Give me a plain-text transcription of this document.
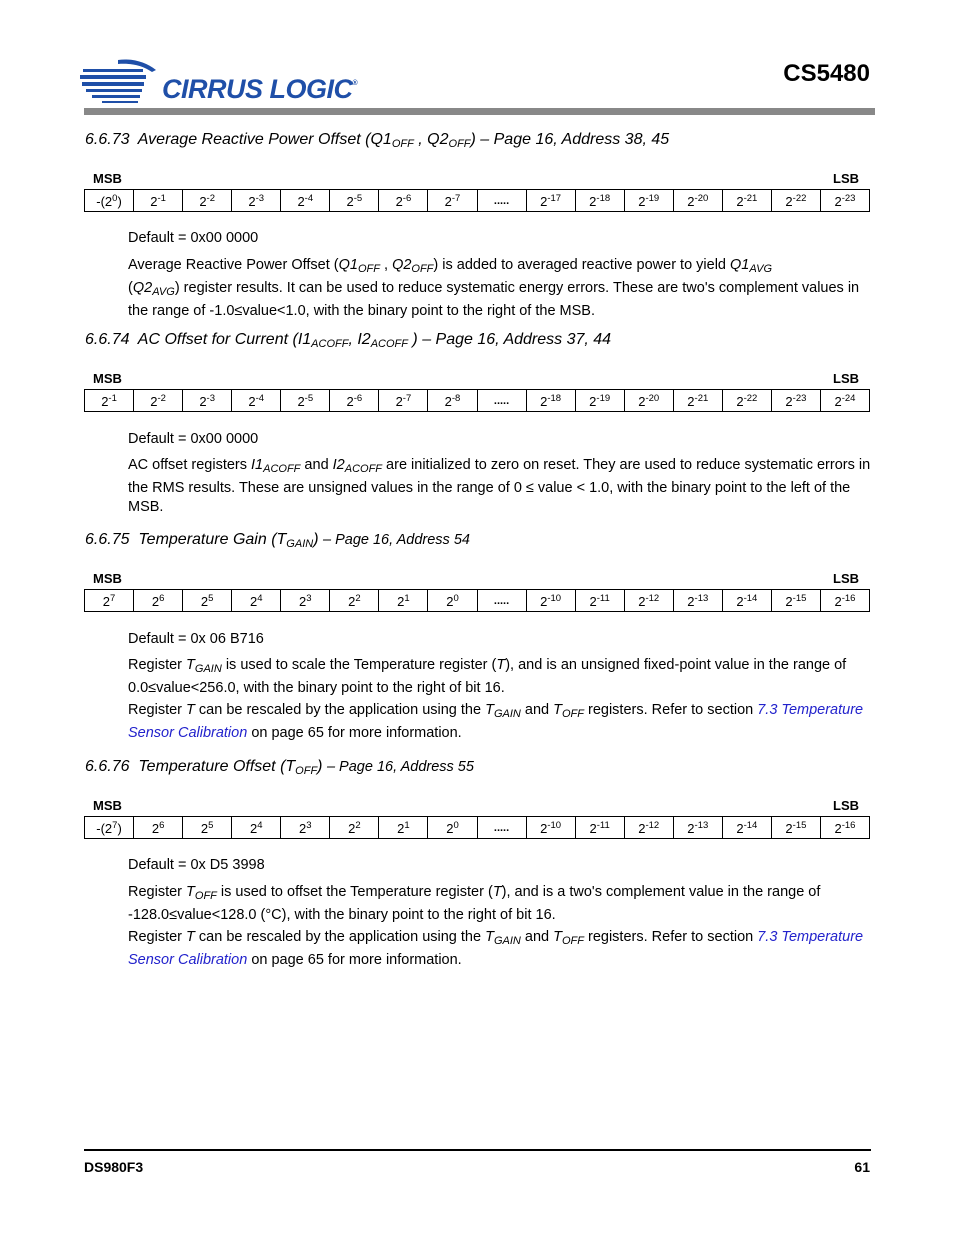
CIRRUS LOGIC®	CS5480
6.6.73 Average Reactive Power Offset ($Q1_{OFF}$ , $Q2_{OFF}$) – Page 16, Address 38, 45
MSB	LSB
$-(2^0)$	$2^{-1}$	$2^{-2}$	$2^{-3}$	$2^{-4}$	$2^{-5}$	$2^{-6}$	$2^{-7}$	.....	$2^{-17}$	$2^{-18}$	$2^{-19}$	$2^{-20}$	$2^{-21}$	$2^{-22}$	$2^{-23}$
Default = 0x00 0000
Average Reactive Power Offset ($Q1_{OFF}$ , $Q2_{OFF}$) is added to averaged reactive power to yield $Q1_{AVG}$
$(Q2_{AVG})$ register results. It can be used to reduce systematic energy errors. These are two's complement values in the range of -1.0≤value<1.0, with the binary point to the right of the MSB.
6.6.74 AC Offset for Current ($I1_{ACOFF}$, $I2_{ACOFF}$ ) – Page 16, Address 37, 44
MSB	LSB
$2^{-1}$	$2^{-2}$	$2^{-3}$	$2^{-4}$	$2^{-5}$	$2^{-6}$	$2^{-7}$	$2^{-8}$	.....	$2^{-18}$	$2^{-19}$	$2^{-20}$	$2^{-21}$	$2^{-22}$	$2^{-23}$	$2^{-24}$
Default = 0x00 0000
AC offset registers $I1_{ACOFF}$ and $I2_{ACOFF}$ are initialized to zero on reset. They are used to reduce systematic errors in the RMS results. These are unsigned values in the range of 0 ≤ value < 1.0, with the binary point to the left of the MSB.
6.6.75 Temperature Gain $(T_{GAIN})$ – Page 16, Address 54
MSB	LSB
$2^7$	$2^6$	$2^5$	$2^4$	$2^3$	$2^2$	$2^1$	$2^0$	.....	$2^{-10}$	$2^{-11}$	$2^{-12}$	$2^{-13}$	$2^{-14}$	$2^{-15}$	$2^{-16}$
Default = 0x 06 B716
Register $T_{GAIN}$ is used to scale the Temperature register (T), and is an unsigned fixed-point value in the range of 0.0≤value<256.0, with the binary point to the right of bit 16.
Register T can be rescaled by the application using the $T_{GAIN}$ and $T_{OFF}$ registers. Refer to section 7.3 Temperature Sensor Calibration on page 65 for more information.
6.6.76 Temperature Offset $(T_{OFF})$ – Page 16, Address 55
MSB	LSB
$-(2^7)$	$2^6$	$2^5$	$2^4$	$2^3$	$2^2$	$2^1$	$2^0$	.....	$2^{-10}$	$2^{-11}$	$2^{-12}$	$2^{-13}$	$2^{-14}$	$2^{-15}$	$2^{-16}$
Default = 0x D5 3998
Register $T_{OFF}$ is used to offset the Temperature register (T), and is a two's complement value in the range of -128.0≤value<128.0 (°C), with the binary point to the right of bit 16.
Register T can be rescaled by the application using the $T_{GAIN}$ and $T_{OFF}$ registers. Refer to section 7.3 Temperature Sensor Calibration on page 65 for more information.
DS980F3	61
